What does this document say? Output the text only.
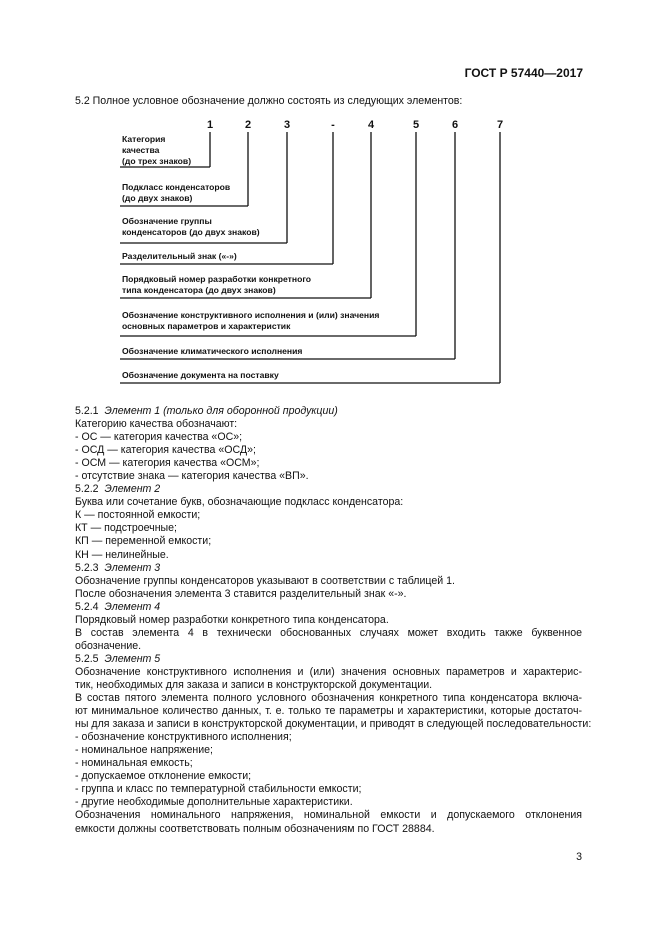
ГОСТ Р 57440—2017
5.2 Полное условное обозначение должно состоять из следующих элементов:
1	2	3	-	4	5	6	7
Категория
качества
(до трех знаков)
Подкласс конденсаторов
(до двух знаков)
Обозначение группы
конденсаторов (до двух знаков)
Разделительный знак («-»)
Порядковый номер разработки конкретного
типа конденсатора (до двух знаков)
Обозначение конструктивного исполнения и (или) значения
основных параметров и характеристик
Обозначение климатического исполнения
Обозначение документа на поставку
5.2.1 Элемент 1 (только для оборонной продукции)
Категорию качества обозначают:
- ОС — категория качества «ОС»;
- ОСД — категория качества «ОСД»;
- ОСМ — категория качества «ОСМ»;
- отсутствие знака — категория качества «ВП».
5.2.2 Элемент 2
Буква или сочетание букв, обозначающие подкласс конденсатора:
К — постоянной емкости;
КТ — подстроечные;
КП — переменной емкости;
КН — нелинейные.
5.2.3 Элемент 3
Обозначение группы конденсаторов указывают в соответствии с таблицей 1.
После обозначения элемента 3 ставится разделительный знак «-».
5.2.4 Элемент 4
Порядковый номер разработки конкретного типа конденсатора.
В состав элемента 4 в технически обоснованных случаях может входить также буквенное
обозначение.
5.2.5 Элемент 5
Обозначение конструктивного исполнения и (или) значения основных параметров и характерис-
тик, необходимых для заказа и записи в конструкторской документации.
В состав пятого элемента полного условного обозначения конкретного типа конденсатора включа-
ют минимальное количество данных, т. е. только те параметры и характеристики, которые достаточ-
ны для заказа и записи в конструкторской документации, и приводят в следующей последовательности:
- обозначение конструктивного исполнения;
- номинальное напряжение;
- номинальная емкость;
- допускаемое отклонение емкости;
- группа и класс по температурной стабильности емкости;
- другие необходимые дополнительные характеристики.
Обозначения номинального напряжения, номинальной емкости и допускаемого отклонения
емкости должны соответствовать полным обозначениям по ГОСТ 28884.
3
